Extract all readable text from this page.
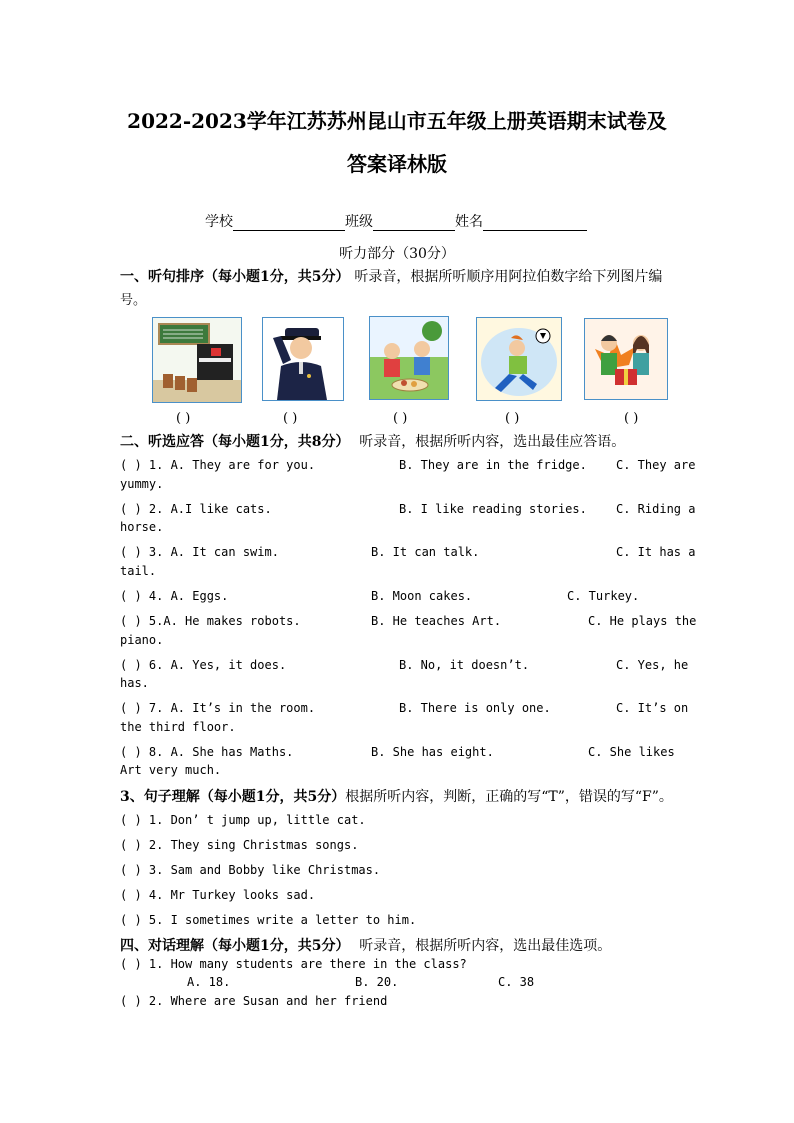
2022-2023学年江苏苏州昆山市五年级上册英语期末试卷及
答案译林版
学校	班级	姓名
听力部分（30分）
一、听句排序（每小题1分，共5分） 听录音，根据所听顺序用阿拉伯数字给下列图片编
号。
( )	( )	( )	( )	( )
二、听选应答（每小题1分，共8分） 听录音，根据所听内容，选出最佳应答语。
( ) 1. A. They are for you.	B. They are in the fridge. C. They are
yummy.
( ) 2. A.I like cats.	B. I like reading stories. C. Riding a
horse.
( ) 3. A. It can swim.	B. It can talk.	C. It has a
tail.
( ) 4. A. Eggs.	B. Moon cakes.	C. Turkey.
( ) 5.A. He makes robots.	B. He teaches Art.	C. He plays the
piano.
( ) 6. A. Yes, it does.	B. No, it doesn’t.	C. Yes, he
has.
( ) 7. A. It’s in the room.	B. There is only one.	C. It’s on
the third floor.
( ) 8. A. She has Maths.	B. She has eight.	C. She likes
Art very much.
3、句子理解（每小题1分，共5分）根据所听内容，判断，正确的写“T”，错误的写“F”。
( ) 1. Don’ t jump up, little cat.
( ) 2. They sing Christmas songs.
( ) 3. Sam and Bobby like Christmas.
( ) 4. Mr Turkey looks sad.
( ) 5. I sometimes write a letter to him.
四、对话理解（每小题1分，共5分） 听录音，根据所听内容，选出最佳选项。
( ) 1. How many students are there in the class?
A. 18.	B. 20.	C. 38
( ) 2. Where are Susan and her friend
